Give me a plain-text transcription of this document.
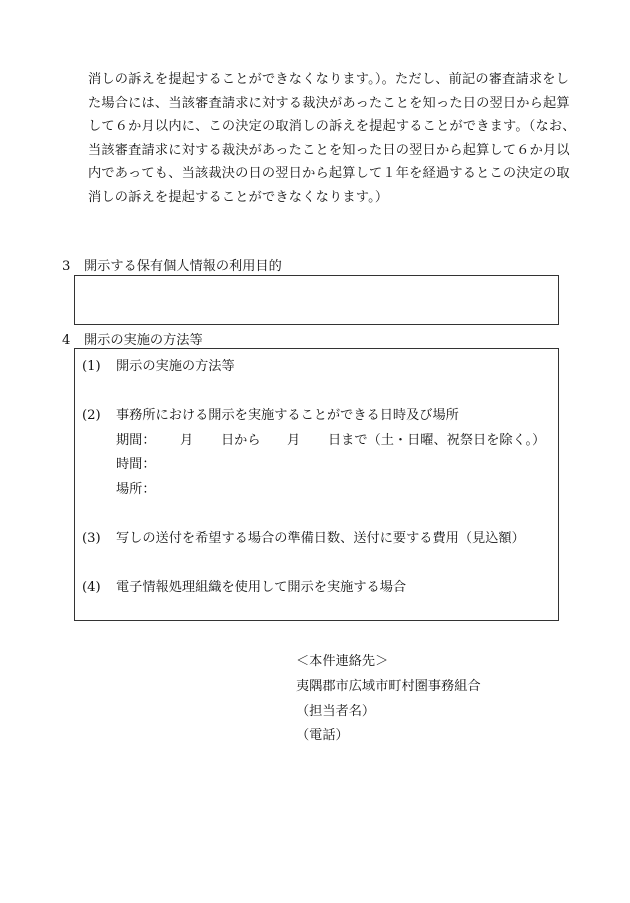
消しの訴えを提起することができなくなります。）。ただし、前記の審査請求をし
た場合には、当該審査請求に対する裁決があったことを知った日の翌日から起算
して６か月以内に、この決定の取消しの訴えを提起することができます。（なお、
当該審査請求に対する裁決があったことを知った日の翌日から起算して６か月以
内であっても、当該裁決の日の翌日から起算して１年を経過するとこの決定の取
消しの訴えを提起することができなくなります。）
3 開示する保有個人情報の利用目的
4 開示の実施の方法等
(1) 開示の実施の方法等
(2) 事務所における開示を実施することができる日時及び場所
期間： 月 日から 月 日まで（土・日曜、祝祭日を除く。）
時間：
場所：
(3) 写しの送付を希望する場合の準備日数、送付に要する費用（見込額）
(4) 電子情報処理組織を使用して開示を実施する場合
＜本件連絡先＞
夷隅郡市広域市町村圏事務組合
（担当者名）
（電話）
